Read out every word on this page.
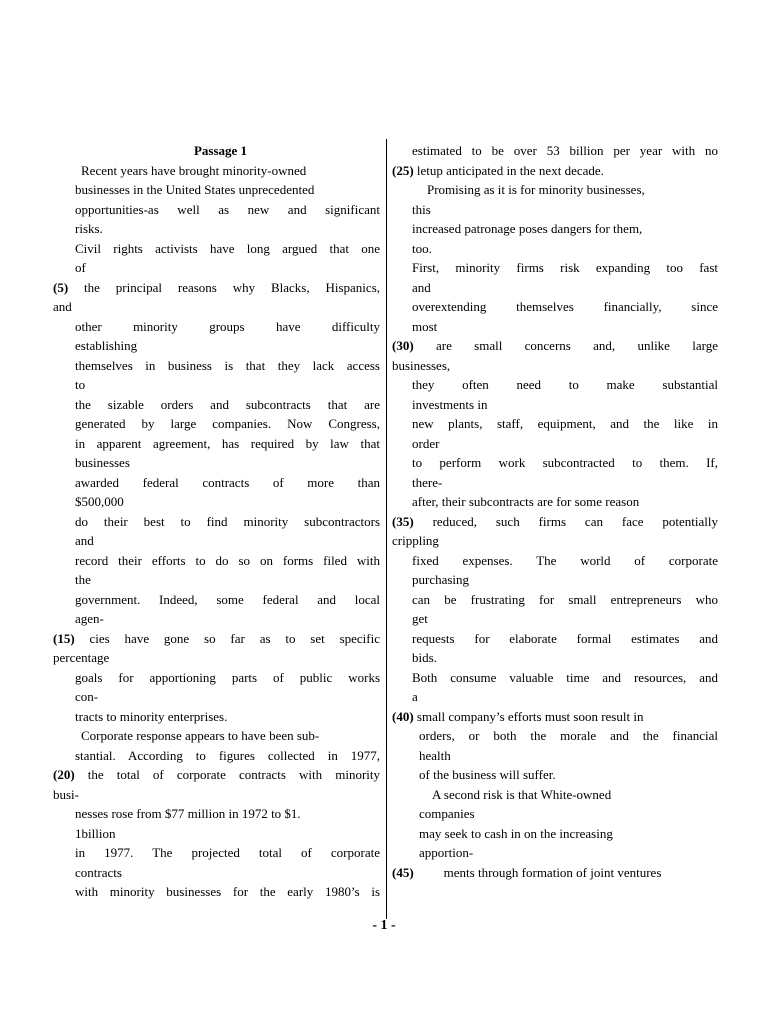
Passage 1
Recent years have brought minority-owned
businesses in the United States unprecedented
opportunities-as well as new and significant
risks.
Civil rights activists have long argued that one
of
(5) the principal reasons why Blacks, Hispanics,
and
other minority groups have difficulty
establishing
themselves in business is that they lack access
to
the sizable orders and subcontracts that are
generated by large companies. Now Congress,
in apparent agreement, has required by law that
businesses
awarded federal contracts of more than
$500,000
do their best to find minority subcontractors
and
record their efforts to do so on forms filed with
the
government. Indeed, some federal and local
agen-
(15) cies have gone so far as to set specific
percentage
goals for apportioning parts of public works
con-
tracts to minority enterprises.
Corporate response appears to have been sub-
stantial. According to figures collected in 1977,
(20) the total of corporate contracts with minority
busi-
nesses rose from $77 million in 1972 to $1.
1billion
in 1977. The projected total of corporate
contracts
with minority businesses for the early 1980’s is
estimated to be over 53 billion per year with no
(25) letup anticipated in the next decade.
Promising as it is for minority businesses,
this
increased patronage poses dangers for them,
too.
First, minority firms risk expanding too fast
and
overextending themselves financially, since
most
(30) are small concerns and, unlike large
businesses,
they often need to make substantial
investments in
new plants, staff, equipment, and the like in
order
to perform work subcontracted to them. If,
there-
after, their subcontracts are for some reason
(35) reduced, such firms can face potentially
crippling
fixed expenses. The world of corporate
purchasing
can be frustrating for small entrepreneurs who
get
requests for elaborate formal estimates and
bids.
Both consume valuable time and resources, and
a
(40) small company’s efforts must soon result in
orders, or both the morale and the financial
health
of the business will suffer.
A second risk is that White-owned
companies
may seek to cash in on the increasing
apportion-
(45) ments through formation of joint ventures
- 1 -
